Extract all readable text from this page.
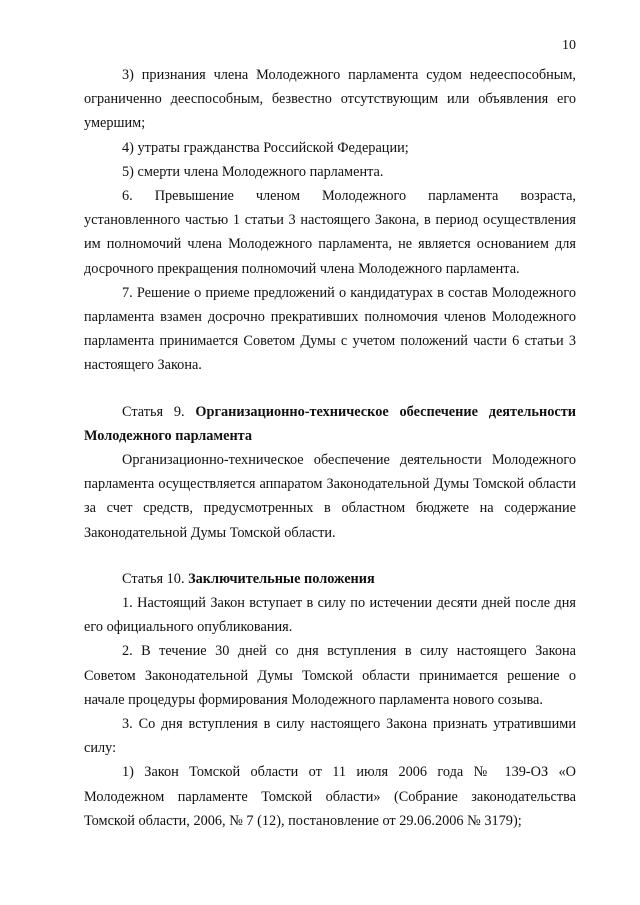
10

3) признания члена Молодежного парламента судом недееспособным, ограниченно дееспособным, безвестно отсутствующим или объявления его умершим;

4) утраты гражданства Российской Федерации;

5) смерти члена Молодежного парламента.

6. Превышение членом Молодежного парламента возраста, установленного частью 1 статьи 3 настоящего Закона, в период осуществления им полномочий члена Молодежного парламента, не является основанием для досрочного прекращения полномочий члена Молодежного парламента.

7. Решение о приеме предложений о кандидатурах в состав Молодежного парламента взамен досрочно прекративших полномочия членов Молодежного парламента принимается Советом Думы с учетом положений части 6 статьи 3 настоящего Закона.

Статья 9. Организационно-техническое обеспечение деятельности Молодежного парламента

Организационно-техническое обеспечение деятельности Молодежного парламента осуществляется аппаратом Законодательной Думы Томской области за счет средств, предусмотренных в областном бюджете на содержание Законодательной Думы Томской области.

Статья 10. Заключительные положения

1. Настоящий Закон вступает в силу по истечении десяти дней после дня его официального опубликования.

2. В течение 30 дней со дня вступления в силу настоящего Закона Советом Законодательной Думы Томской области принимается решение о начале процедуры формирования Молодежного парламента нового созыва.

3. Со дня вступления в силу настоящего Закона признать утратившими силу:

1) Закон Томской области от 11 июля 2006 года № 139-ОЗ «О Молодежном парламенте Томской области» (Собрание законодательства Томской области, 2006, № 7 (12), постановление от 29.06.2006 № 3179);
